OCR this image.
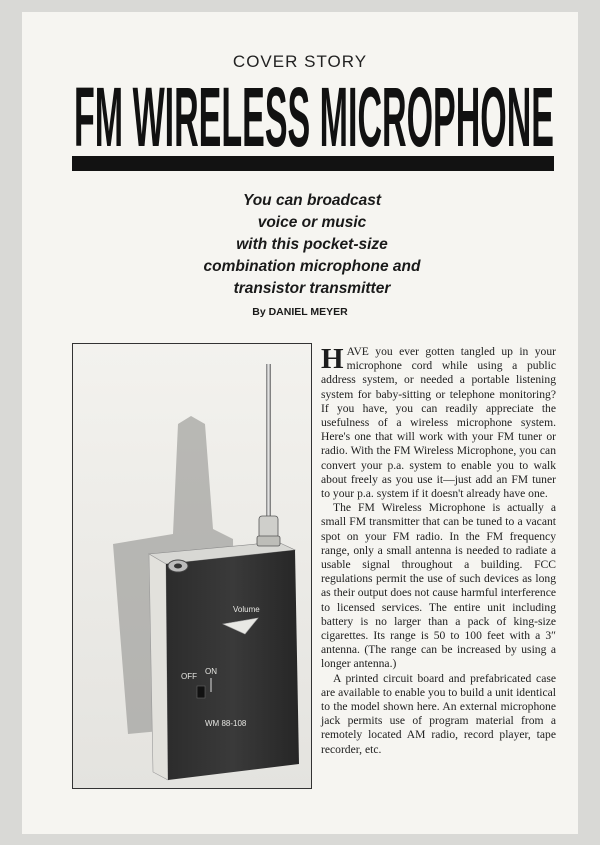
COVER STORY
FM WIRELESS MICROPHONE
You can broadcast
voice or music
with this pocket-size
combination microphone and
transistor transmitter
By DANIEL MEYER
Volume
OFF
ON
WM 88-108

HAVE you ever gotten tangled up in your microphone cord while using a public address system, or needed a portable listening system for baby-sitting or telephone monitoring? If you have, you can readily appreciate the usefulness of a wireless microphone system. Here's one that will work with your FM tuner or radio. With the FM Wireless Microphone, you can convert your p.a. system to enable you to walk about freely as you use it—just add an FM tuner to your p.a. system if it doesn't already have one.

The FM Wireless Microphone is actually a small FM transmitter that can be tuned to a vacant spot on your FM radio. In the FM frequency range, only a small antenna is needed to radiate a usable signal throughout a building. FCC regulations permit the use of such devices as long as their output does not cause harmful interference to licensed services. The entire unit including battery is no larger than a pack of king-size cigarettes. Its range is 50 to 100 feet with a 3″ antenna. (The range can be increased by using a longer antenna.)

A printed circuit board and prefabricated case are available to enable you to build a unit identical to the model shown here. An external microphone jack permits use of program material from a remotely located AM radio, record player, tape recorder, etc.
